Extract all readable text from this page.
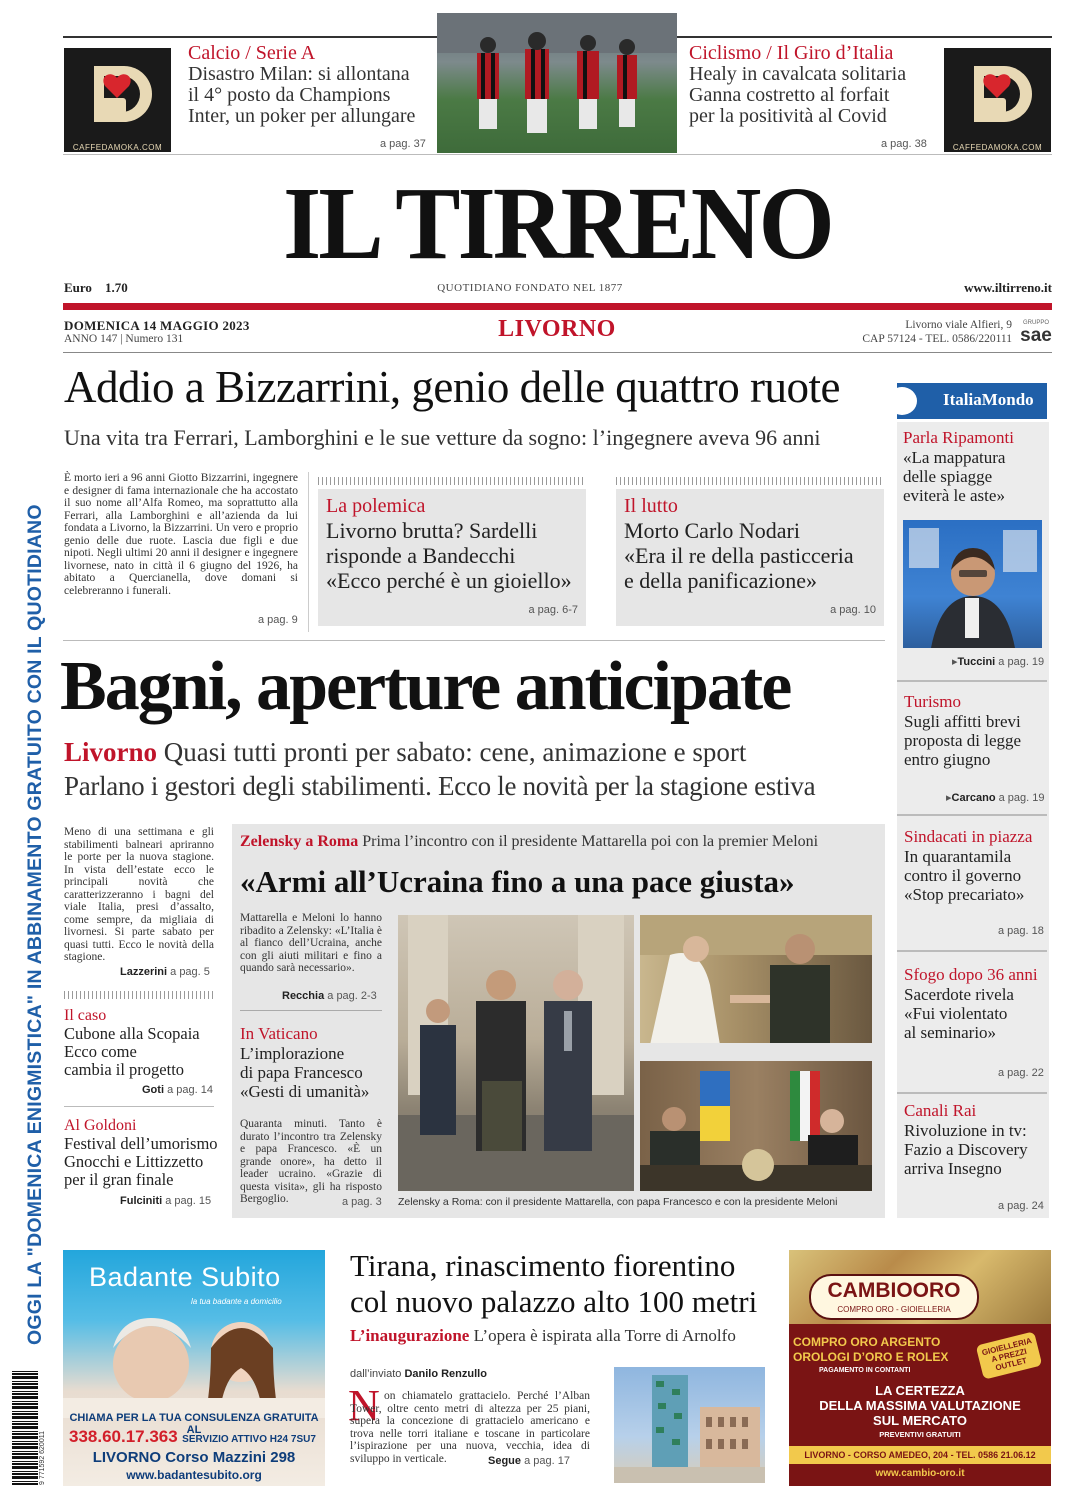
CAFFEDAMOKA.COM
Calcio / Serie A
Disastro Milan: si allontana
il 4° posto da Champions
Inter, un poker per allungare
a pag. 37
Ciclismo / Il Giro d’Italia
Healy in cavalcata solitaria
Ganna costretto al forfait
per la positività al Covid
a pag. 38	CAFFEDAMOKA.COM
IL TIRRENO
QUOTIDIANO FONDATO NEL 1877
Euro 1.70	www.iltirreno.it
DOMENICA 14 MAGGIO 2023
ANNO 147 | Numero 131	LIVORNO	Livorno viale Alfieri, 9
CAP 57124 - TEL. 0586/220111
GRUPPO
sae
OGGI LA "DOMENICA ENIGMISTICA" IN ABBINAMENTO GRATUITO CON IL QUOTIDIANO
9 771592 620011
Addio a Bizzarrini, genio delle quattro ruote
Una vita tra Ferrari, Lamborghini e le sue vetture da sogno: l’ingegnere aveva 96 anni
È morto ieri a 96 anni Giotto Bizzarrini, ingegnere e designer di fama internazionale che ha accostato il suo nome all’Alfa Romeo, ma soprattutto alla Ferrari, alla Lamborghini e all’azienda da lui fondata a Livorno, la Bizzarrini. Un vero e proprio genio delle due ruote. Lascia due figli e due nipoti. Negli ultimi 20 anni il designer e ingegnere livornese, nato in città il 6 giugno del 1926, ha abitato a Quercianella, dove domani si celebreranno i funerali.
a pag. 9
La polemica
Livorno brutta? Sardelli
risponde a Bandecchi
«Ecco perché è un gioiello»
a pag. 6-7
Il lutto
Morto Carlo Nodari
«Era il re della pasticceria
e della panificazione»
a pag. 10
Bagni, aperture anticipate
Livorno Quasi tutti pronti per sabato: cene, animazione e sport
Parlano i gestori degli stabilimenti. Ecco le novità per la stagione estiva
Meno di una settimana e gli stabilimenti balneari apriranno le porte per la nuova stagione. In vista dell’estate ecco le principali novità che caratterizzeranno i bagni del viale Italia, presi d’assalto, come sempre, da migliaia di livornesi. Si parte sabato per quasi tutti. Ecco le novità della stagione.
Lazzerini a pag. 5
Il caso
Cubone alla Scopaia
Ecco come
cambia il progetto
Goti a pag. 14
Al Goldoni
Festival dell’umorismo
Gnocchi e Littizzetto
per il gran finale
Fulciniti a pag. 15
Zelensky a Roma Prima l’incontro con il presidente Mattarella poi con la premier Meloni
«Armi all’Ucraina fino a una pace giusta»
Mattarella e Meloni lo hanno ribadito a Zelensky: «L’Italia è al fianco dell’Ucraina, anche con gli aiuti militari e fino a quando sarà necessario».
Recchia a pag. 2-3
In Vaticano
L’implorazione
di papa Francesco
«Gesti di umanità»
Quaranta minuti. Tanto è durato l’incontro tra Zelensky e papa Francesco. «È un grande onore», ha detto il leader ucraino. «Grazie di questa visita», gli ha risposto Bergoglio.	a pag. 3 Zelensky a Roma: con il presidente Mattarella, con papa Francesco e con la presidente Meloni
ItaliaMondo
Parla Ripamonti
«La mappatura
delle spiagge
eviterà le aste»
▸Tuccini a pag. 19
Turismo
Sugli affitti brevi
proposta di legge
entro giugno
▸Carcano a pag. 19
Sindacati in piazza
In quarantamila
contro il governo
«Stop precariato»
a pag. 18
Sfogo dopo 36 anni
Sacerdote rivela
«Fui violentato
al seminario»
a pag. 22
Canali Rai
Rivoluzione in tv:
Fazio a Discovery
arriva Insegno
a pag. 24
Badante Subito
la tua badante a domicilio
CHIAMA PER LA TUA CONSULENZA GRATUITA AL
338.60.17.363 SERVIZIO ATTIVO H24 7SU7
LIVORNO Corso Mazzini 298
www.badantesubito.org
Tirana, rinascimento fiorentino
col nuovo palazzo alto 100 metri
L’inaugurazione L’opera è ispirata alla Torre di Arnolfo
dall’inviato Danilo Renzullo
N on chiamatelo grattacielo. Perché l’Alban Tower, oltre cento metri di altezza per 25 piani, supera la concezione di grattacielo americano e trova nelle torri italiane e toscane in particolare l’ispirazione per una nuova, vecchia, idea di sviluppo in verticale.	Segue a pag. 17
CAMBIOORO
COMPRO ORO - GIOIELLERIA
COMPRO ORO ARGENTO
OROLOGI D’ORO E ROLEX
PAGAMENTO IN CONTANTI
GIOIELLERIA A PREZZI OUTLET
LA CERTEZZA
DELLA MASSIMA VALUTAZIONE
SUL MERCATO
PREVENTIVI GRATUITI
LIVORNO - CORSO AMEDEO, 204 - TEL. 0586 21.06.12
www.cambio-oro.it
